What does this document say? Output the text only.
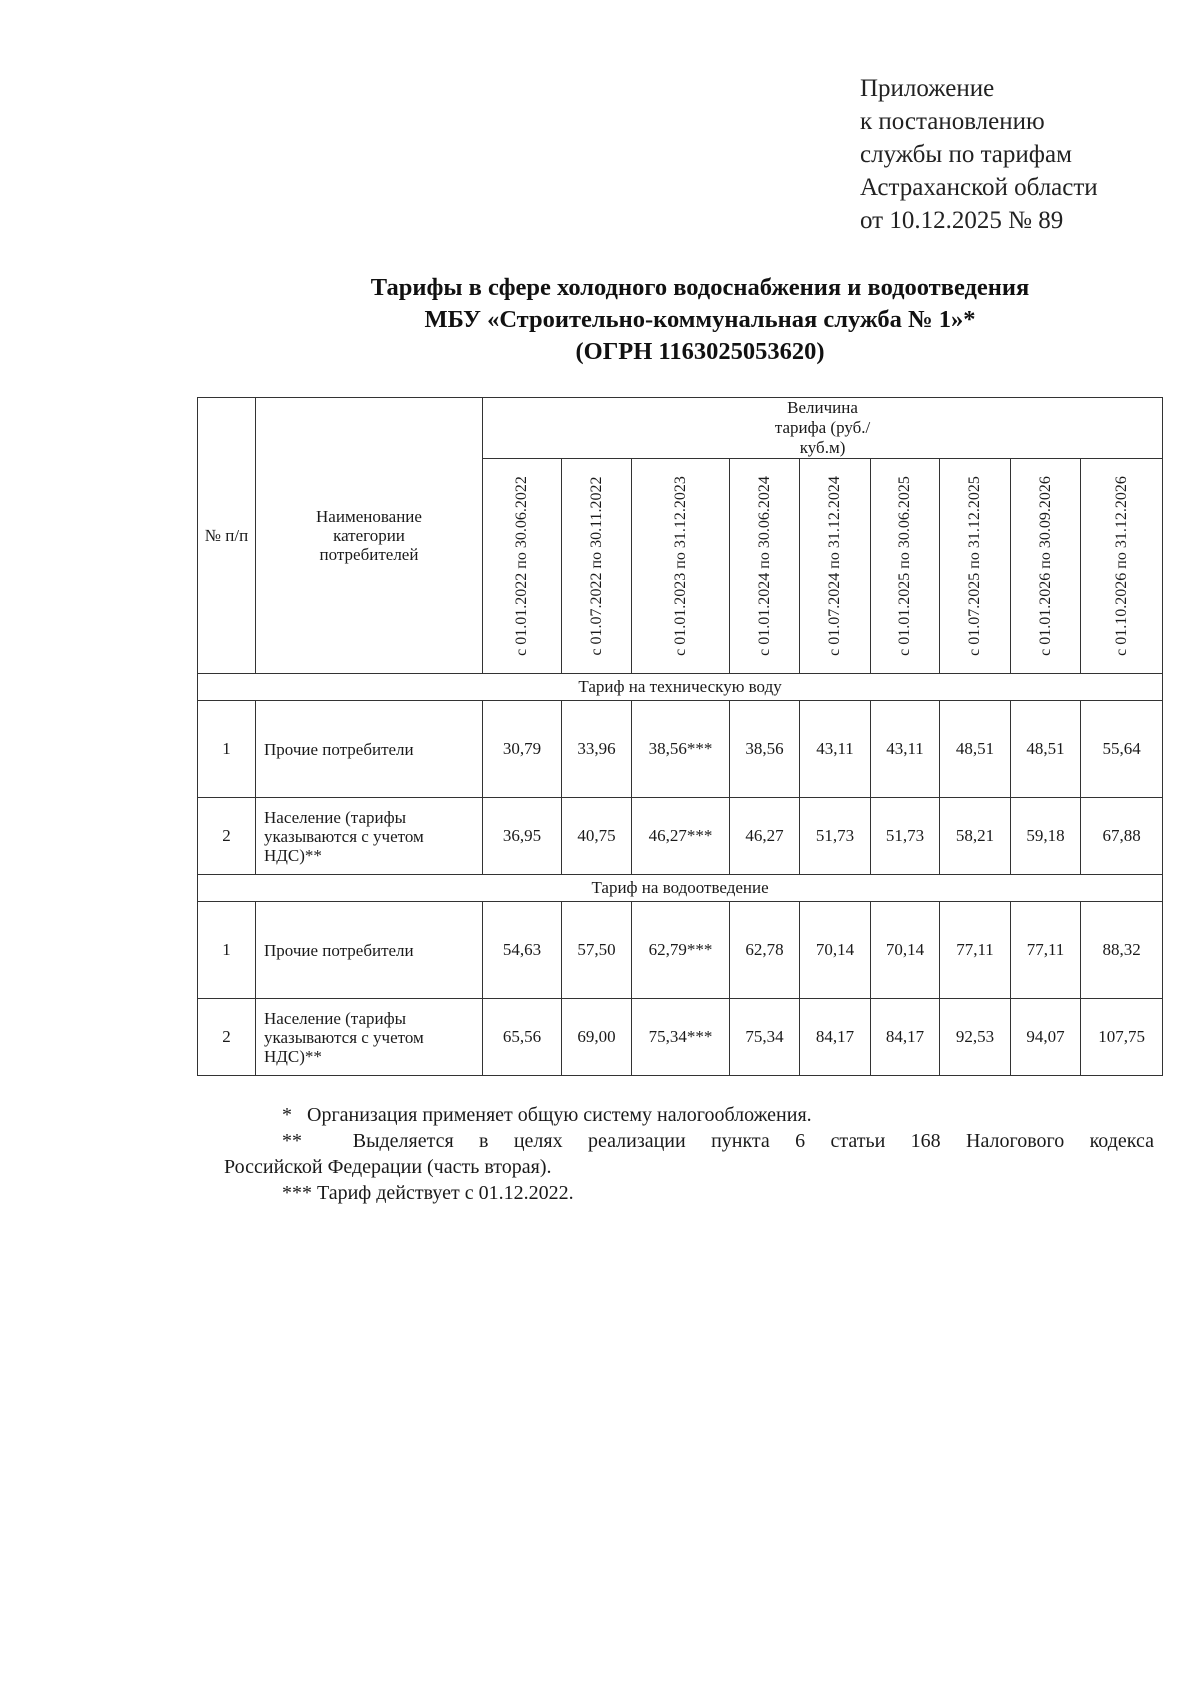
Приложение
к постановлению
службы по тарифам
Астраханской области
от 10.12.2025 № 89
Тарифы в сфере холодного водоснабжения и водоотведения
МБУ «Строительно-коммунальная служба № 1»*
(ОГРН 1163025053620)
№ п/п	Наименование категории потребителей	Величина тарифа (руб./куб.м)								

		с 01.01.2022 по 30.06.2022	с 01.07.2022 по 30.11.2022	с 01.01.2023 по 31.12.2023	с 01.01.2024 по 30.06.2024	с 01.07.2024 по 31.12.2024	с 01.01.2025 по 30.06.2025	с 01.07.2025 по 31.12.2025	с 01.01.2026 по 30.09.2026	с 01.10.2026 по 31.12.2026

Тариф на техническую воду										
1	Прочие потребители	30,79	33,96	38,56***	38,56	43,11	43,11	48,51	48,51	55,64
2	Население (тарифы указываются с учетом НДС)**	36,95	40,75	46,27***	46,27	51,73	51,73	58,21	59,18	67,88
Тариф на водоотведение										
1	Прочие потребители	54,63	57,50	62,79***	62,78	70,14	70,14	77,11	77,11	88,32
2	Население (тарифы указываются с учетом НДС)**	65,56	69,00	75,34***	75,34	84,17	84,17	92,53	94,07	107,75
*   Организация применяет общую систему налогообложения.
**  Выделяется в целях реализации пункта 6 статьи 168 Налогового кодекса
Российской Федерации (часть вторая).
*** Тариф действует с 01.12.2022.
